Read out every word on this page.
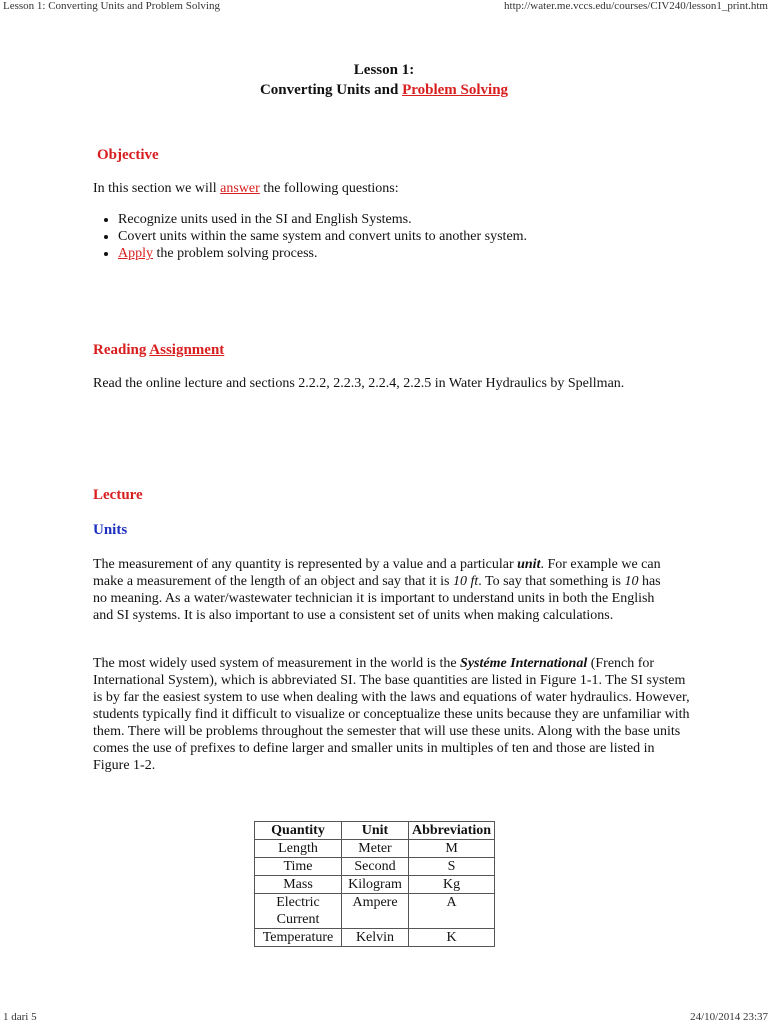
Lesson 1: Converting Units and Problem Solving	http://water.me.vccs.edu/courses/CIV240/lesson1_print.htm
Lesson 1:
Converting Units and Problem Solving
Objective
In this section we will answer the following questions:
• Recognize units used in the SI and English Systems.
• Covert units within the same system and convert units to another system.
• Apply the problem solving process.
Reading Assignment
Read the online lecture and sections 2.2.2, 2.2.3, 2.2.4, 2.2.5 in Water Hydraulics by Spellman.
Lecture
Units
The measurement of any quantity is represented by a value and a particular unit. For example we can make a measurement of the length of an object and say that it is 10 ft. To say that something is 10 has no meaning. As a water/wastewater technician it is important to understand units in both the English and SI systems. It is also important to use a consistent set of units when making calculations.
The most widely used system of measurement in the world is the Systéme International (French for International System), which is abbreviated SI. The base quantities are listed in Figure 1-1. The SI system is by far the easiest system to use when dealing with the laws and equations of water hydraulics. However, students typically find it difficult to visualize or conceptualize these units because they are unfamiliar with them. There will be problems throughout the semester that will use these units. Along with the base units comes the use of prefixes to define larger and smaller units in multiples of ten and those are listed in Figure 1-2.
Quantity	Unit	Abbreviation
Length	Meter	M
Time	Second	S
Mass	Kilogram	Kg

Electric Current	Ampere	A
Temperature	Kelvin	K
1 dari 5	24/10/2014 23:37
